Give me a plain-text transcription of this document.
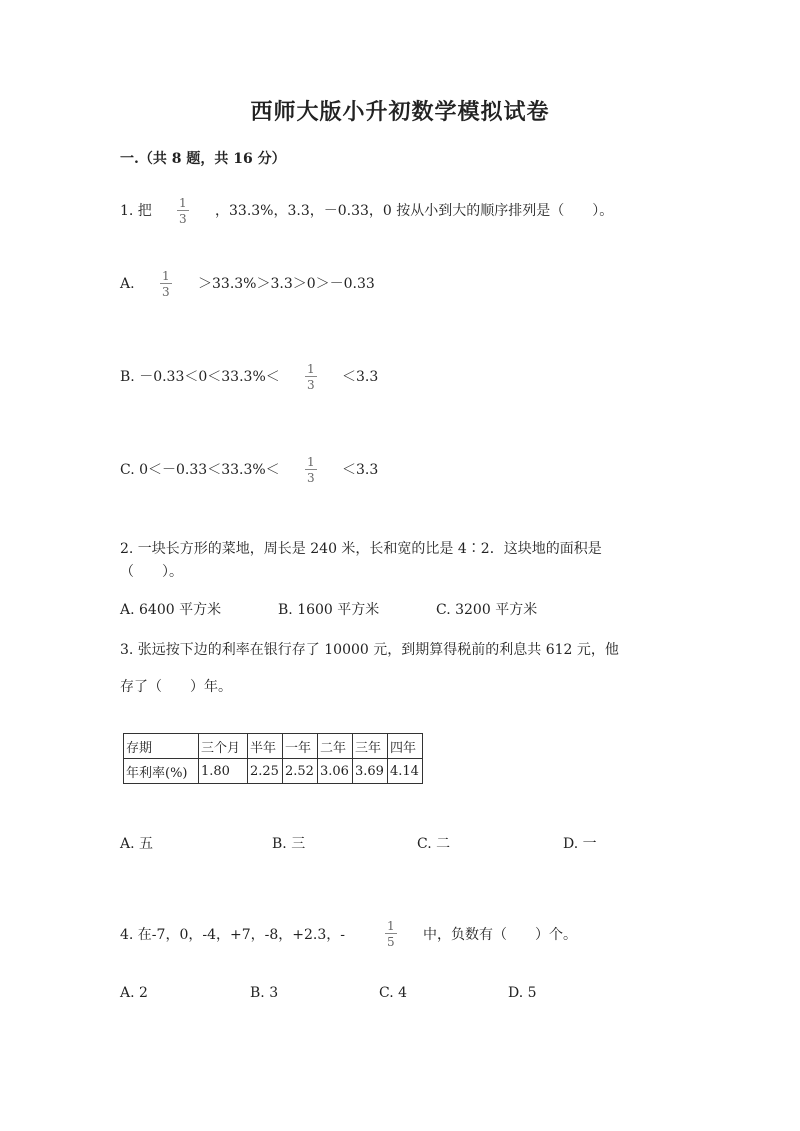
西师大版小升初数学模拟试卷
一.（共 8 题，共 16 分）
1. 把 $\frac{1}{3}$ ，33.3%，3.3，－0.33，0 按从小到大的顺序排列是（　　）。
A. $\frac{1}{3} >33.3\%>3.3>0>-0.33$
B. $-0.33<0<33.3\%< \frac{1}{3} <3.3$
C. $0<-0.33<33.3\%< \frac{1}{3} <3.3$
2. 一块长方形的菜地，周长是 240 米，长和宽的比是 4∶2．这块地的面积是
（　　）。
A. 6400 平方米	B. 1600 平方米	C. 3200 平方米
3. 张远按下边的利率在银行存了 10000 元，到期算得税前的利息共 612 元，他
存了（　　）年。
存期	三个月	半年	一年	二年	三年	四年
年利率(%)	1.80	2.25	2.52	3.06	3.69	4.14
A. 五	B. 三	C. 二	D. 一
4. 在-7，0，-4，+7，-8，+2.3，-	$\frac{1}{5}$ 中，负数有（　　）个。
A. 2	B. 3	C. 4	D. 5
